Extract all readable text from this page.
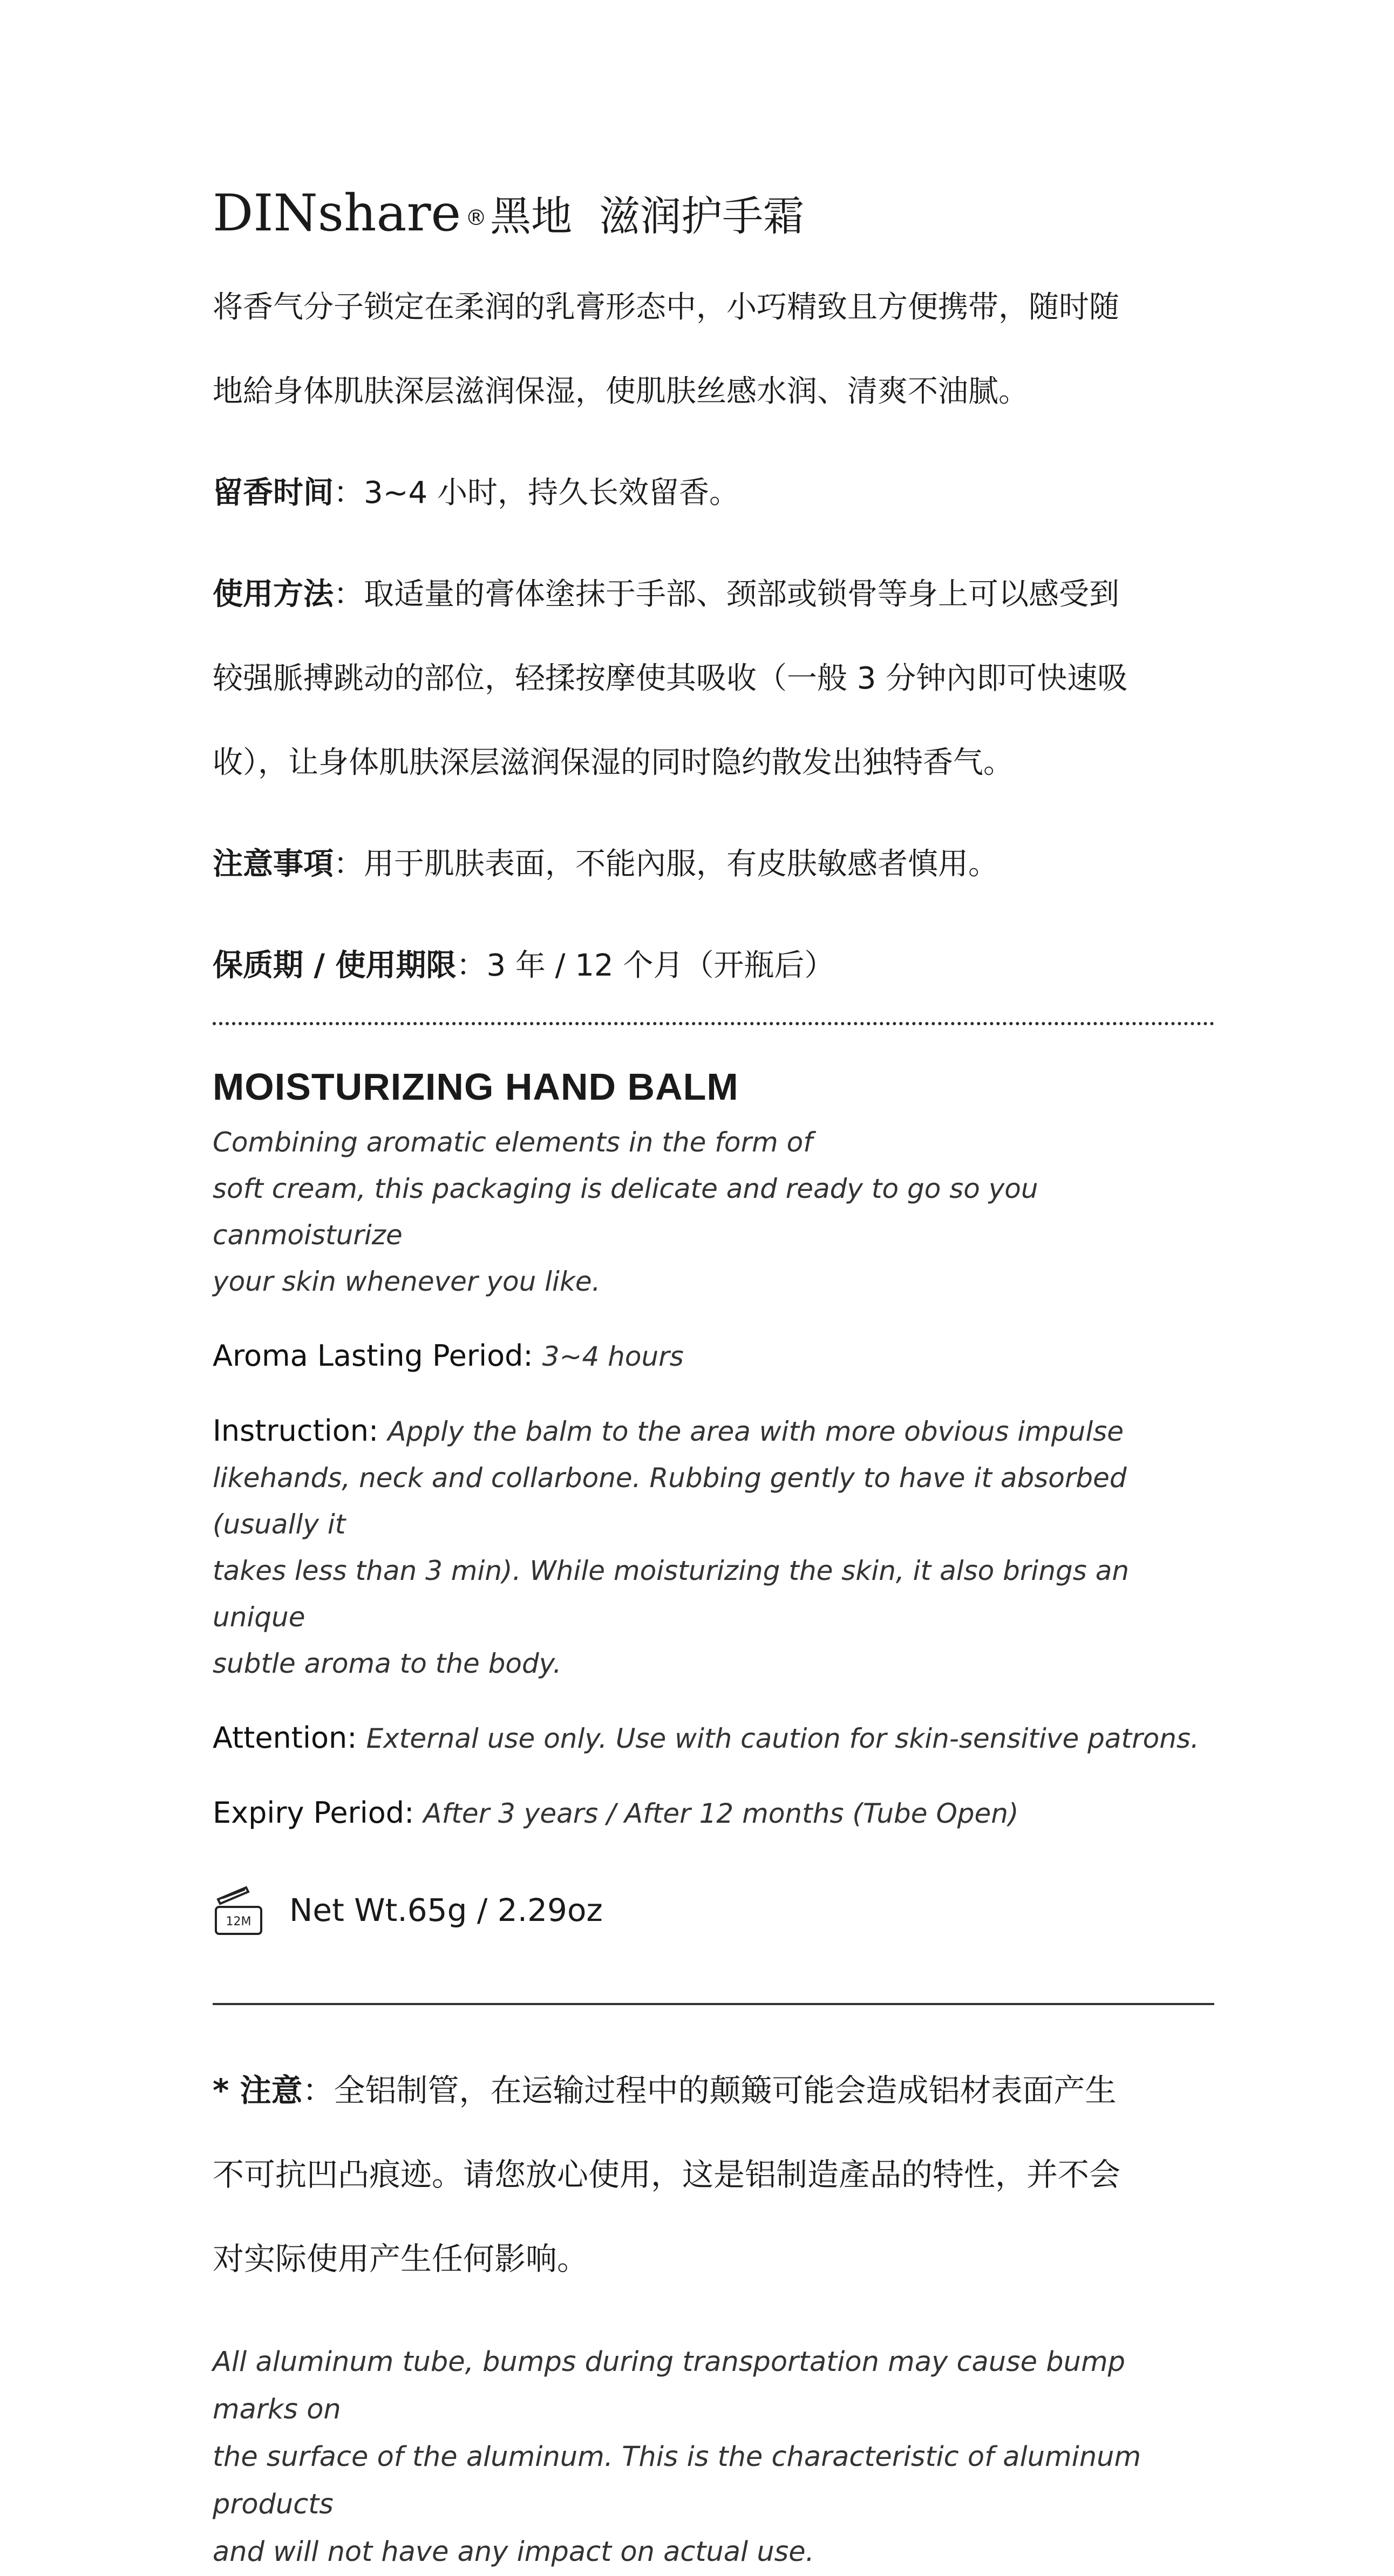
DINshare ® 黑地 滋润护手霜

将香气分子锁定在柔润的乳膏形态中，小巧精致且方便携带，随时随
地給身体肌肤深层滋润保湿，使肌肤丝感水润、清爽不油腻。

留香时间：3~4 小时，持久长效留香。

使用方法：取适量的膏体塗抹于手部、颈部或锁骨等身上可以感受到
较强脈搏跳动的部位，轻揉按摩使其吸收（一般 3 分钟內即可快速吸
收），让身体肌肤深层滋润保湿的同时隐约散发出独特香气。

注意事項：用于肌肤表面，不能內服，有皮肤敏感者慎用。

保质期 / 使用期限：3 年 / 12 个月（开瓶后）

MOISTURIZING HAND BALM

Combining aromatic elements in the form of
soft cream, this packaging is delicate and ready to go so you canmoisturize
your skin whenever you like.

Aroma Lasting Period: 3~4 hours

Instruction: Apply the balm to the area with more obvious impulse
likehands, neck and collarbone. Rubbing gently to have it absorbed (usually it
takes less than 3 min). While moisturizing the skin, it also brings an unique
subtle aroma to the body.

Attention: External use only. Use with caution for skin-sensitive patrons.

Expiry Period: After 3 years / After 12 months (Tube Open)

12M Net Wt.65g / 2.29oz

* 注意：全铝制管，在运输过程中的颠簸可能会造成铝材表面产生
不可抗凹凸痕迹。请您放心使用，这是铝制造產品的特性，并不会
对实际使用产生任何影响。

All aluminum tube, bumps during transportation may cause bump marks on
the surface of the aluminum. This is the characteristic of aluminum products
and will not have any impact on actual use.
